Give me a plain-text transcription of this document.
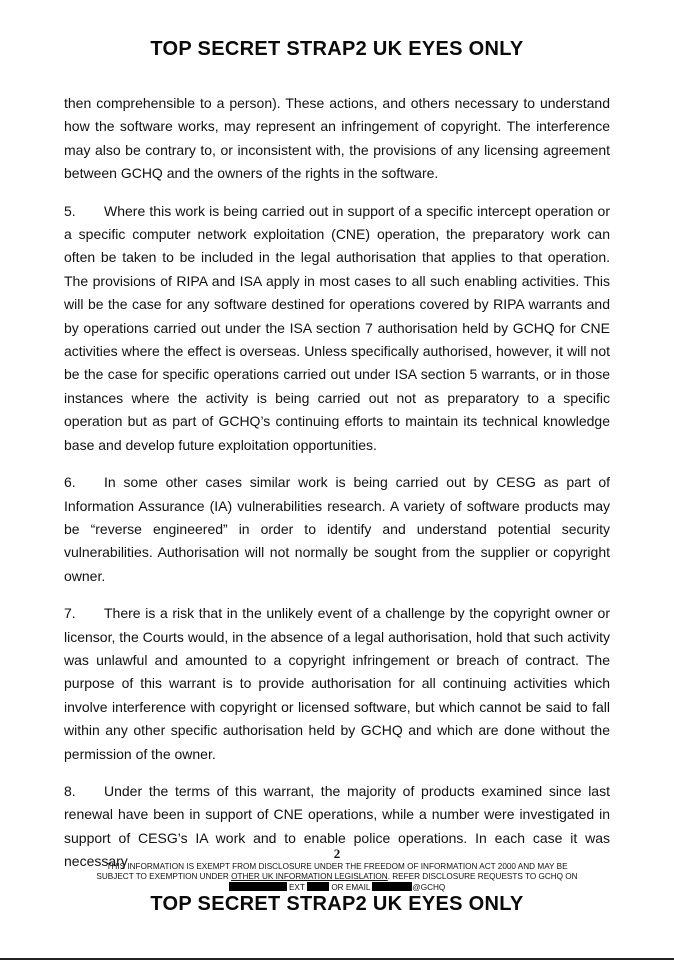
TOP SECRET STRAP2 UK EYES ONLY

then comprehensible to a person). These actions, and others necessary to understand how the software works, may represent an infringement of copyright. The interference may also be contrary to, or inconsistent with, the provisions of any licensing agreement between GCHQ and the owners of the rights in the software.

5. Where this work is being carried out in support of a specific intercept operation or a specific computer network exploitation (CNE) operation, the preparatory work can often be taken to be included in the legal authorisation that applies to that operation. The provisions of RIPA and ISA apply in most cases to all such enabling activities. This will be the case for any software destined for operations covered by RIPA warrants and by operations carried out under the ISA section 7 authorisation held by GCHQ for CNE activities where the effect is overseas. Unless specifically authorised, however, it will not be the case for specific operations carried out under ISA section 5 warrants, or in those instances where the activity is being carried out not as preparatory to a specific operation but as part of GCHQ’s continuing efforts to maintain its technical knowledge base and develop future exploitation opportunities.

6. In some other cases similar work is being carried out by CESG as part of Information Assurance (IA) vulnerabilities research. A variety of software products may be “reverse engineered” in order to identify and understand potential security vulnerabilities. Authorisation will not normally be sought from the supplier or copyright owner.

7. There is a risk that in the unlikely event of a challenge by the copyright owner or licensor, the Courts would, in the absence of a legal authorisation, hold that such activity was unlawful and amounted to a copyright infringement or breach of contract. The purpose of this warrant is to provide authorisation for all continuing activities which involve interference with copyright or licensed software, but which cannot be said to fall within any other specific authorisation held by GCHQ and which are done without the permission of the owner.

8. Under the terms of this warrant, the majority of products examined since last renewal have been in support of CNE operations, while a number were investigated in support of CESG’s IA work and to enable police operations. In each case it was necessary	2
THIS INFORMATION IS EXEMPT FROM DISCLOSURE UNDER THE FREEDOM OF INFORMATION ACT 2000 AND MAY BE
SUBJECT TO EXEMPTION UNDER OTHER UK INFORMATION LEGISLATION. REFER DISCLOSURE REQUESTS TO GCHQ ON
EXT	OR EMAIL	@GCHQ
TOP SECRET STRAP2 UK EYES ONLY
